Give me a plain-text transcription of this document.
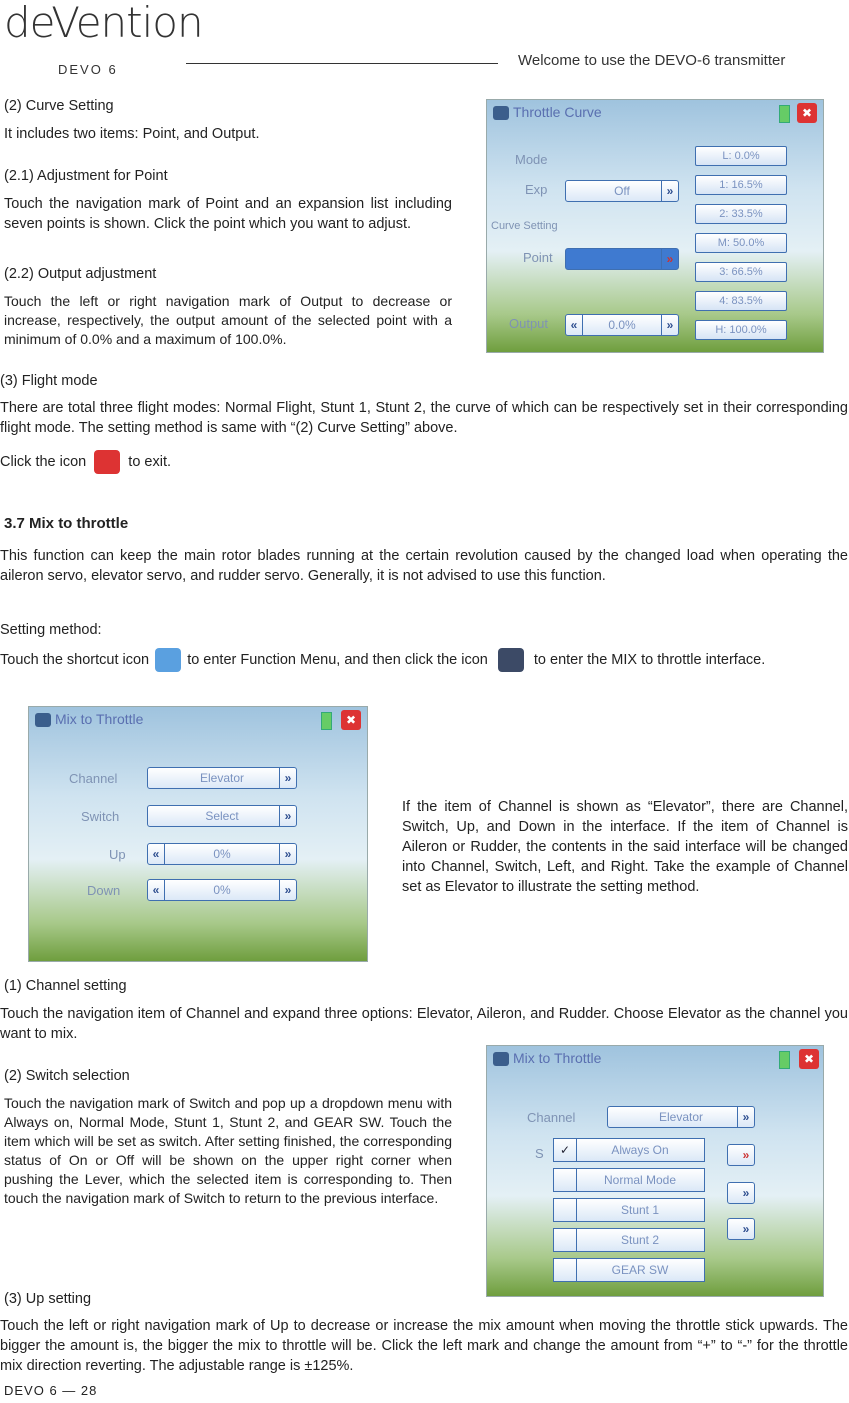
deVention
DEVO 6
Welcome to use the DEVO-6 transmitter

(2) Curve Setting

It includes two items: Point, and Output.

(2.1) Adjustment for Point

Touch the navigation mark of Point and an expansion list including seven points is shown. Click the point which you want to adjust.

(2.2) Output adjustment

Touch the left or right navigation mark of Output to decrease or increase, respectively, the output amount of the selected point with a minimum of 0.0% and a maximum of 100.0%.

Throttle Curve	✖
Mode
Exp	Off	»
Curve Setting
Point	»
Output	«	0.0%	»
L: 0.0%
1: 16.5%
2: 33.5%
M: 50.0%
3: 66.5%
4: 83.5%
H: 100.0%

(3) Flight mode

There are total three flight modes: Normal Flight, Stunt 1, Stunt 2, the curve of which can be respectively set in their corresponding flight mode. The setting method is same with “(2) Curve Setting” above.

Click the icon	to exit.

3.7 Mix to throttle

This function can keep the main rotor blades running at the certain revolution caused by the changed load when operating the aileron servo, elevator servo, and rudder servo. Generally, it is not advised to use this function.

Setting method:

Touch the shortcut icon	to enter Function Menu, and then click the icon	to enter the MIX to throttle interface.

Mix to Throttle	✖
Channel	Elevator	»
Switch	Select	»
Up	«	0%	»
Down	«	0%	»

If the item of Channel is shown as “Elevator”, there are Channel, Switch, Up, and Down in the interface. If the item of Channel is Aileron or Rudder, the contents in the said interface will be changed into Channel, Switch, Left, and Right. Take the example of Channel set as Elevator to illustrate the setting method.

(1) Channel setting

Touch the navigation item of Channel and expand three options: Elevator, Aileron, and Rudder. Choose Elevator as the channel you want to mix.

(2) Switch selection

Touch the navigation mark of Switch and pop up a dropdown menu with Always on, Normal Mode, Stunt 1, Stunt 2, and GEAR SW. Touch the item which will be set as switch. After setting finished, the corresponding status of On or Off will be shown on the upper right corner when pushing the Lever, which the selected item is corresponding to. Then touch the navigation mark of Switch to return to the previous interface.

Mix to Throttle	✖
Channel	Elevator	»
S	✓	Always On
Normal Mode
Stunt 1
Stunt 2
GEAR SW
»
»
»

(3) Up setting

Touch the left or right navigation mark of Up to decrease or increase the mix amount when moving the throttle stick upwards. The bigger the amount is, the bigger the mix to throttle will be. Click the left mark and change the amount from “+” to “-” for the throttle mix direction reverting. The adjustable range is ±125%.

DEVO 6 — 28
